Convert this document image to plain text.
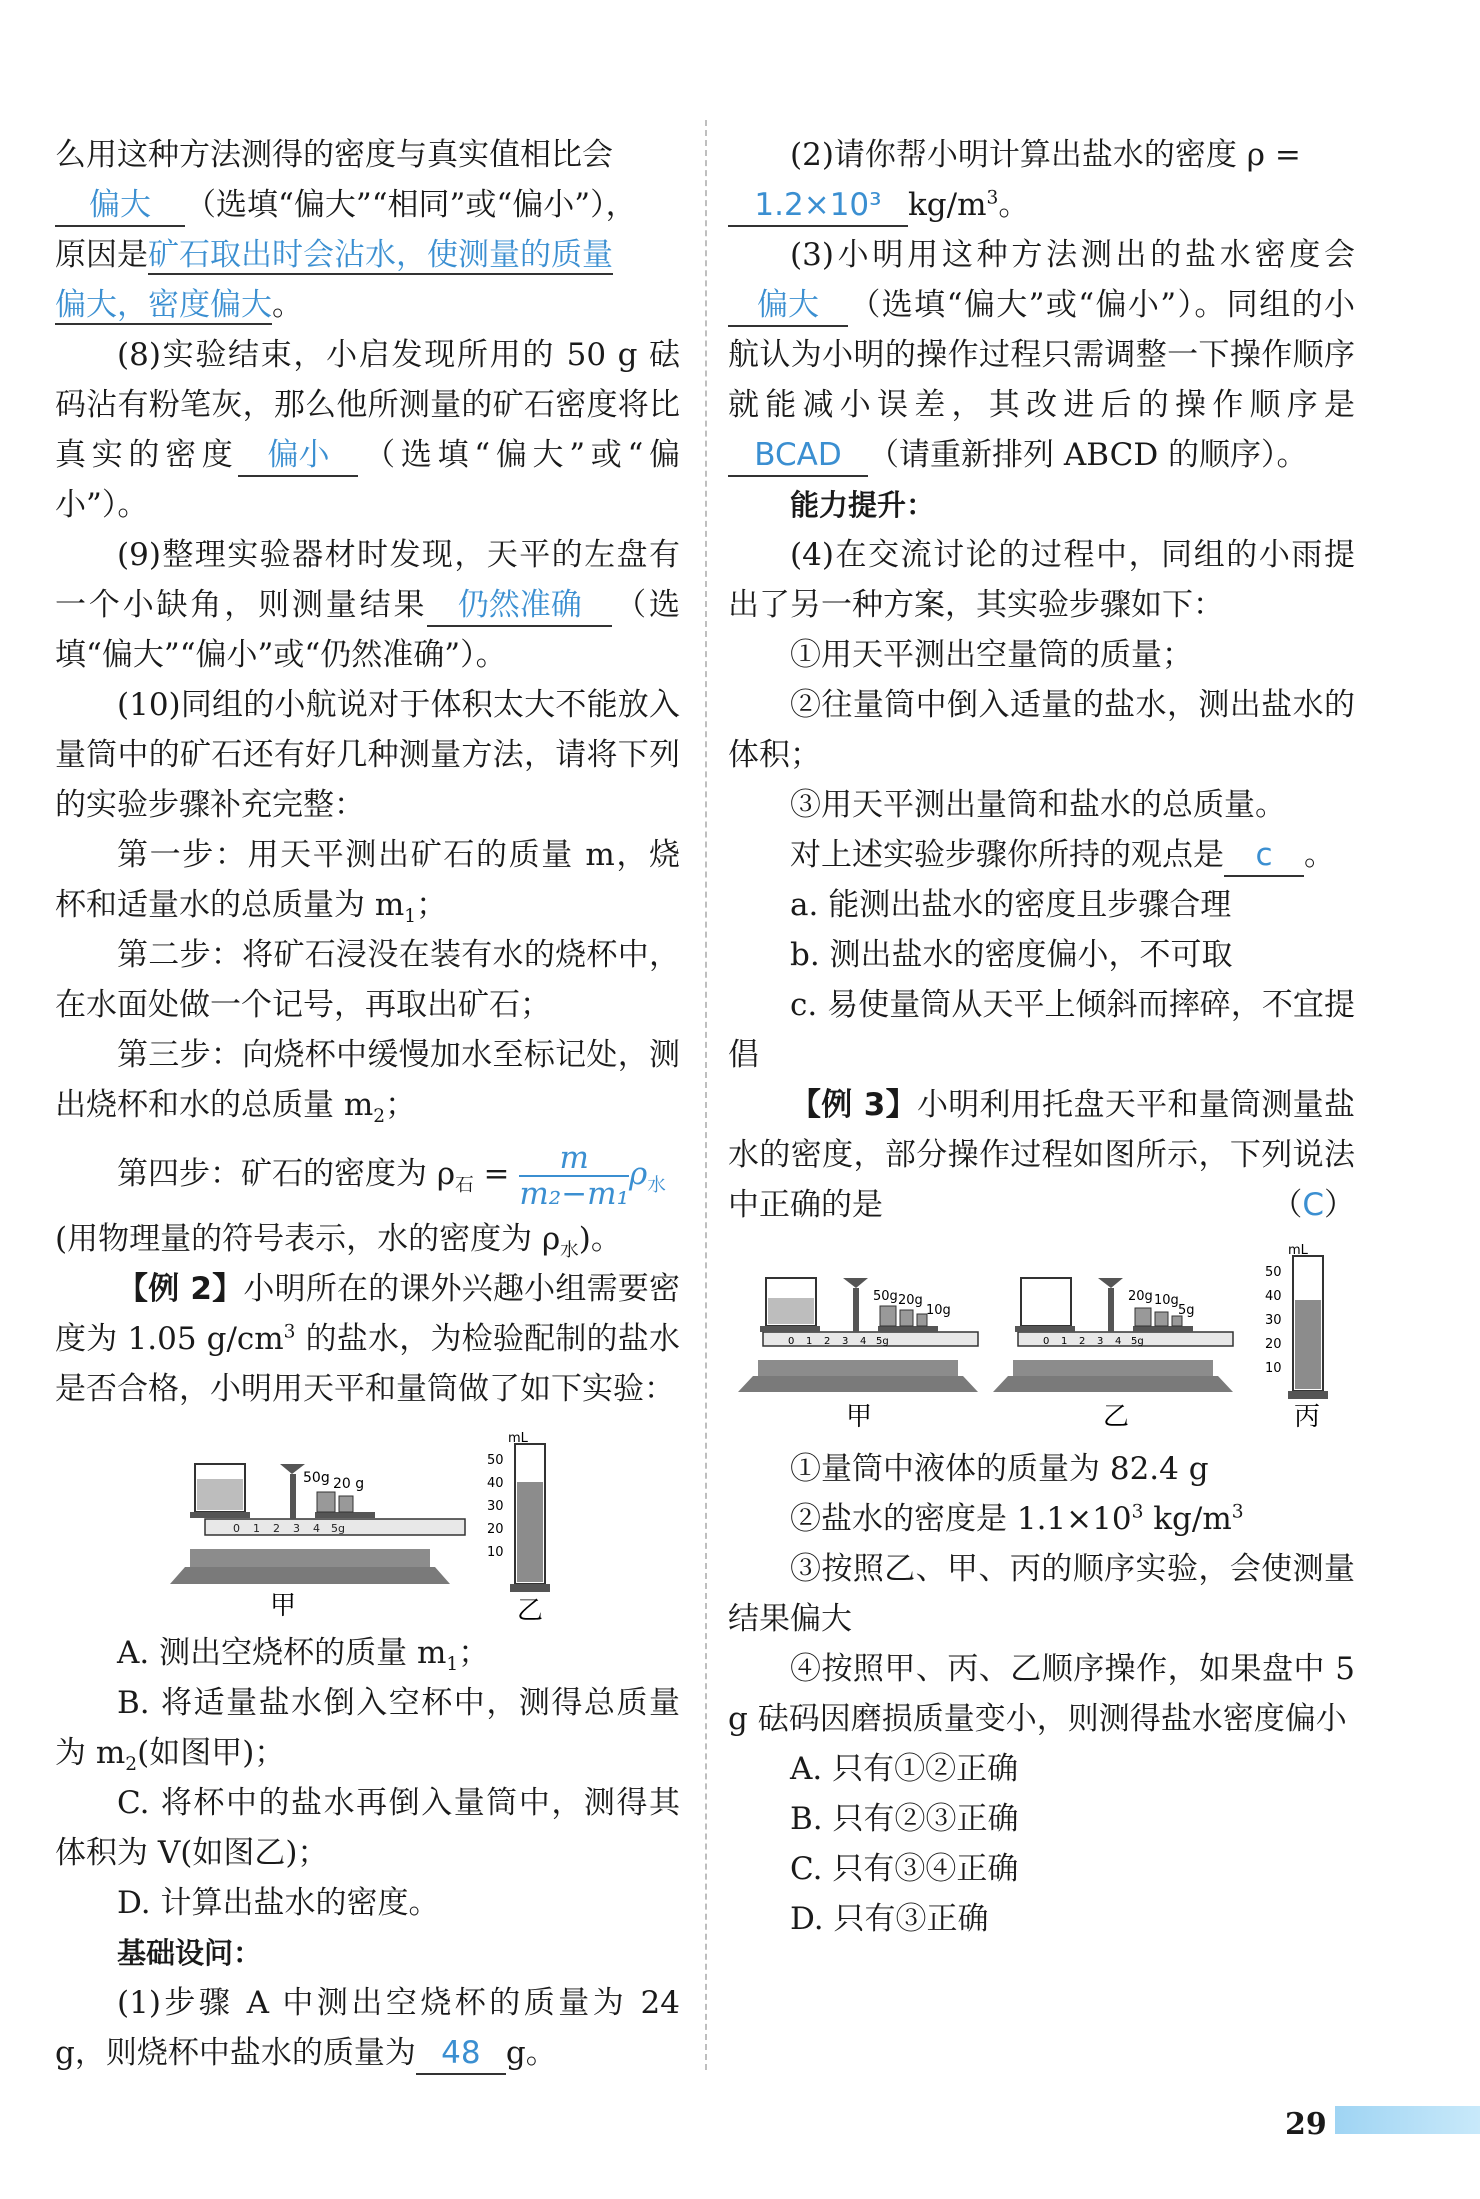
么用这种方法测得的密度与真实值相比会
偏大 （选填“偏大”“相同”或“偏小”），
原因是矿石取出时会沾水，使测量的质量
偏大，密度偏大。

(8)实验结束，小启发现所用的 50 g 砝码沾有粉笔灰，那么他所测量的矿石密度将比真实的密度 偏小 （选填“偏大”或“偏小”）。

(9)整理实验器材时发现，天平的左盘有一个小缺角，则测量结果 仍然准确 （选填“偏大”“偏小”或“仍然准确”）。

(10)同组的小航说对于体积太大不能放入量筒中的矿石还有好几种测量方法，请将下列的实验步骤补充完整：

第一步：用天平测出矿石的质量 m，烧杯和适量水的总质量为 $m_1$；

第二步：将矿石浸没在装有水的烧杯中，在水面处做一个记号，再取出矿石；

第三步：向烧杯中缓慢加水至标记处，测出烧杯和水的总质量 $m_2$；

第四步：矿石的密度为 $\rho_石 = \frac{m}{\text{m₂−m₁}} \rho_水$

(用物理量的符号表示，水的密度为 $\rho_水$)。

【例 2】小明所在的课外兴趣小组需要密度为 1.05 $g/cm^3$ 的盐水，为检验配制的盐水是否合格，小明用天平和量筒做了如下实验：

0 1 2 3 4 5g
50g 20 g
甲
mL
50
40
30
20
10
乙

A. 测出空烧杯的质量 $m_1$；

B. 将适量盐水倒入空杯中，测得总质量为 $m_2$(如图甲)；

C. 将杯中的盐水再倒入量筒中，测得其体积为 V(如图乙)；

D. 计算出盐水的密度。

基础设问：

(1)步骤 A 中测出空烧杯的质量为 24 g，则烧杯中盐水的质量为 48 g。

(2)请你帮小明计算出盐水的密度 ρ =
1.2×10³ $kg/m^3$。

(3)小明用这种方法测出的盐水密度会偏大 （选填“偏大”或“偏小”）。同组的小航认为小明的操作过程只需调整一下操作顺序就能减小误差，其改进后的操作顺序是BCAD （请重新排列 ABCD 的顺序）。

能力提升：

(4)在交流讨论的过程中，同组的小雨提出了另一种方案，其实验步骤如下：

①用天平测出空量筒的质量；

②往量筒中倒入适量的盐水，测出盐水的体积；

③用天平测出量筒和盐水的总质量。

对上述实验步骤你所持的观点是 c 。

a. 能测出盐水的密度且步骤合理

b. 测出盐水的密度偏小，不可取

c. 易使量筒从天平上倾斜而摔碎，不宜提倡

【例 3】小明利用托盘天平和量筒测量盐水的密度，部分操作过程如图所示，下列说法中正确的是	（C）

0 1 2 3 4 5g
50g 20g
10g
甲
0 1 2 3 4 5g
20g 10g
5g
乙
mL
50
40
30
20
10
丙

①量筒中液体的质量为 82.4 g

②盐水的密度是 $1.1\times 10^3$ $kg/m^3$

③按照乙、甲、丙的顺序实验，会使测量结果偏大

④按照甲、丙、乙顺序操作，如果盘中 5 g 砝码因磨损质量变小，则测得盐水密度偏小

A. 只有①②正确

B. 只有②③正确

C. 只有③④正确

D. 只有③正确

29
